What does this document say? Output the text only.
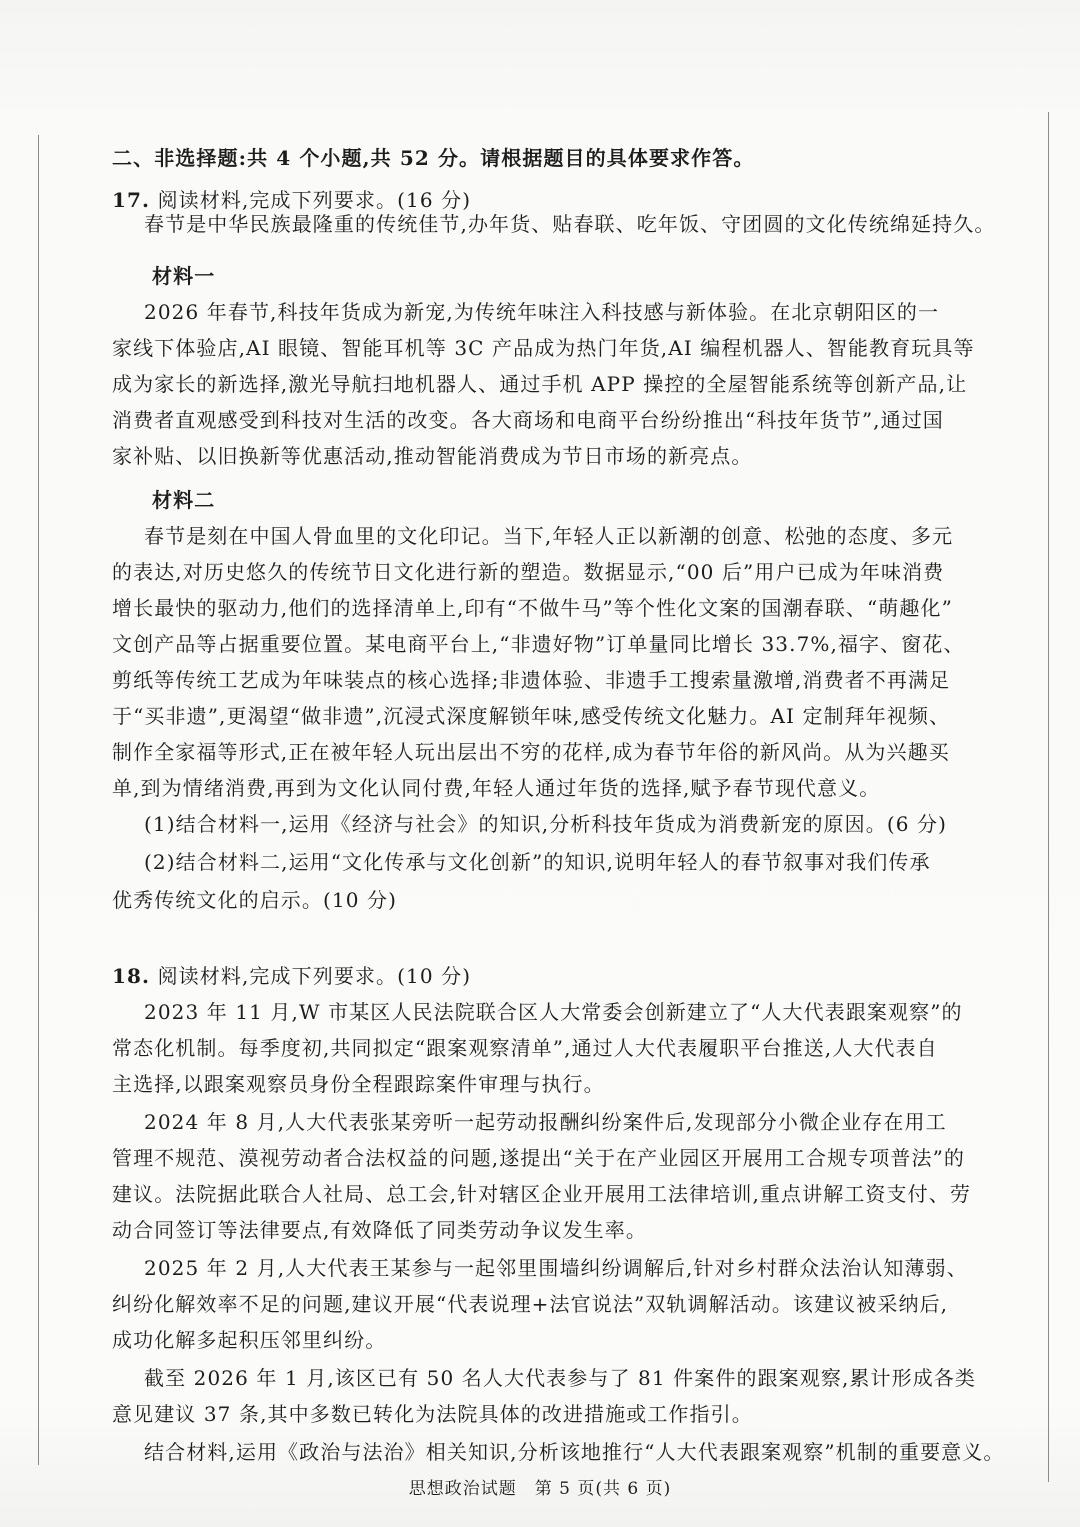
二、非选择题:共 4 个小题,共 52 分。请根据题目的具体要求作答。
17. 阅读材料,完成下列要求。(16 分)
春节是中华民族最隆重的传统佳节,办年货、贴春联、吃年饭、守团圆的文化传统绵延持久。
材料一
2026 年春节,科技年货成为新宠,为传统年味注入科技感与新体验。在北京朝阳区的一
家线下体验店,AI 眼镜、智能耳机等 3C 产品成为热门年货,AI 编程机器人、智能教育玩具等
成为家长的新选择,激光导航扫地机器人、通过手机 APP 操控的全屋智能系统等创新产品,让
消费者直观感受到科技对生活的改变。各大商场和电商平台纷纷推出“科技年货节”,通过国
家补贴、以旧换新等优惠活动,推动智能消费成为节日市场的新亮点。
材料二
春节是刻在中国人骨血里的文化印记。当下,年轻人正以新潮的创意、松弛的态度、多元
的表达,对历史悠久的传统节日文化进行新的塑造。数据显示,“00 后”用户已成为年味消费
增长最快的驱动力,他们的选择清单上,印有“不做牛马”等个性化文案的国潮春联、“萌趣化”
文创产品等占据重要位置。某电商平台上,“非遗好物”订单量同比增长 33.7%,福字、窗花、
剪纸等传统工艺成为年味装点的核心选择;非遗体验、非遗手工搜索量激增,消费者不再满足
于“买非遗”,更渴望“做非遗”,沉浸式深度解锁年味,感受传统文化魅力。AI 定制拜年视频、
制作全家福等形式,正在被年轻人玩出层出不穷的花样,成为春节年俗的新风尚。从为兴趣买
单,到为情绪消费,再到为文化认同付费,年轻人通过年货的选择,赋予春节现代意义。
(1)结合材料一,运用《经济与社会》的知识,分析科技年货成为消费新宠的原因。(6 分)
(2)结合材料二,运用“文化传承与文化创新”的知识,说明年轻人的春节叙事对我们传承
优秀传统文化的启示。(10 分)
18. 阅读材料,完成下列要求。(10 分)
2023 年 11 月,W 市某区人民法院联合区人大常委会创新建立了“人大代表跟案观察”的
常态化机制。每季度初,共同拟定“跟案观察清单”,通过人大代表履职平台推送,人大代表自
主选择,以跟案观察员身份全程跟踪案件审理与执行。
2024 年 8 月,人大代表张某旁听一起劳动报酬纠纷案件后,发现部分小微企业存在用工
管理不规范、漠视劳动者合法权益的问题,遂提出“关于在产业园区开展用工合规专项普法”的
建议。法院据此联合人社局、总工会,针对辖区企业开展用工法律培训,重点讲解工资支付、劳
动合同签订等法律要点,有效降低了同类劳动争议发生率。
2025 年 2 月,人大代表王某参与一起邻里围墙纠纷调解后,针对乡村群众法治认知薄弱、
纠纷化解效率不足的问题,建议开展“代表说理+法官说法”双轨调解活动。该建议被采纳后,
成功化解多起积压邻里纠纷。
截至 2026 年 1 月,该区已有 50 名人大代表参与了 81 件案件的跟案观察,累计形成各类
意见建议 37 条,其中多数已转化为法院具体的改进措施或工作指引。
结合材料,运用《政治与法治》相关知识,分析该地推行“人大代表跟案观察”机制的重要意义。
思想政治试题　第 5 页(共 6 页)
